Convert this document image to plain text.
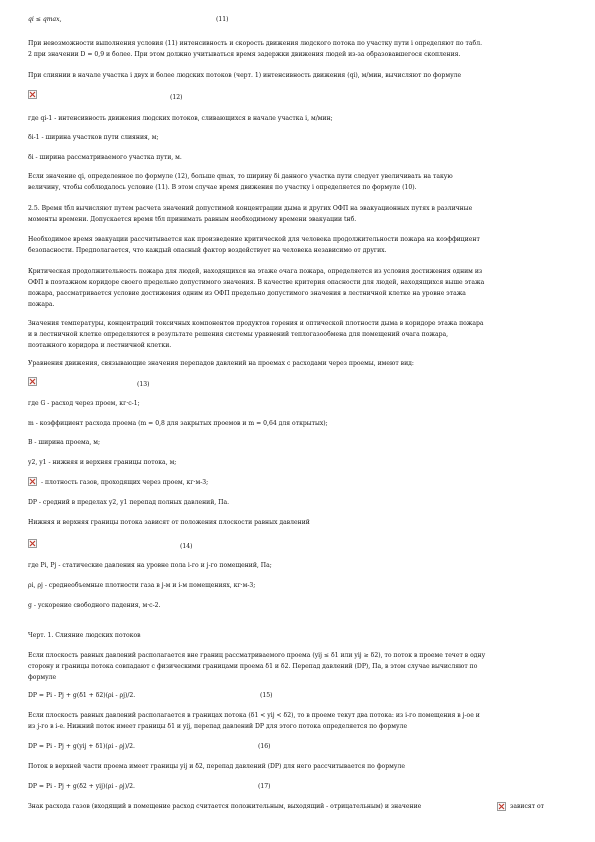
qі ≤ qmax,	(11)
При невозможности выполнения условия (11) интенсивность и скорость движения людского потока по участку пути i определяют по табл.
2 при значении D = 0,9 и более. При этом должно учитываться время задержки движения людей из-за образовавшегося скопления.
При слиянии в начале участка i двух и более людских потоков (черт. 1) интенсивность движения (qi), м/мин, вычисляют по формуле
(12)
где qi-1 - интенсивность движения людских потоков, сливающихся в начале участка i, м/мин;
δi-1 - ширина участков пути слияния, м;
δi - ширина рассматриваемого участка пути, м.
Если значение qi, определенное по формуле (12), больше qmax, то ширину δi данного участка пути следует увеличивать на такую
величину, чтобы соблюдалось условие (11). В этом случае время движения по участку i определяется по формуле (10).
2.5. Время tбл вычисляют путем расчета значений допустимой концентрации дыма и других ОФП на эвакуационных путях в различные
моменты времени. Допускается время tбл принимать равным необходимому времени эвакуации tнб.
Необходимое время эвакуации рассчитывается как произведение критической для человека продолжительности пожара на коэффициент
безопасности. Предполагается, что каждый опасный фактор воздействует на человека независимо от других.
Критическая продолжительность пожара для людей, находящихся на этаже очага пожара, определяется из условия достижения одним из
ОФП в поэтажном коридоре своего предельно допустимого значения. В качестве критерия опасности для людей, находящихся выше этажа
пожара, рассматривается условие достижения одним из ОФП предельно допустимого значения в лестничной клетке на уровне этажа
пожара.
Значения температуры, концентраций токсичных компонентов продуктов горения и оптической плотности дыма в коридоре этажа пожара
и в лестничной клетке определяются в результате решения системы уравнений теплогазообмена для помещений очага пожара,
поэтажного коридора и лестничной клетки.
Уравнения движения, связывающие значения перепадов давлений на проемах с расходами через проемы, имеют вид:
(13)
где G - расход через проем, кг·с-1;
m - коэффициент расхода проема (m = 0,8 для закрытых проемов и m = 0,64 для открытых);
B - ширина проема, м;
y2, y1 - нижняя и верхняя границы потока, м;
- плотность газов, проходящих через проем, кг·м-3;
DP - средний в пределах y2, y1 перепад полных давлений, Па.
Нижняя и верхняя границы потока зависят от положения плоскости равных давлений
(14)
где Pi, Pj - статические давления на уровне пола i-го и j-го помещений, Па;
ρi, ρj - среднеобъемные плотности газа в j-м и i-м помещениях, кг·м-3;
g - ускорение свободного падения, м·c-2.
Черт. 1. Слияние людских потоков
Если плоскость равных давлений располагается вне границ рассматриваемого проема (yij ≤ δ1 или yij ≥ δ2), то поток в проеме течет в одну
сторону и границы потока совпадают с физическими границами проема δ1 и δ2. Перепад давлений (DP), Па, в этом случае вычисляют по
формуле
DP = Pi - Pj + g(δ1 + δ2)(ρi - ρj)/2.	(15)
Если плоскость равных давлений располагается в границах потока (δ1 < yij < δ2), то в проеме текут два потока: из i-го помещения в j-ое и
из j-го в i-е. Нижний поток имеет границы δ1 и yij, перепад давлений DP для этого потока определяется по формуле
DP = Pi - Pj + g(yij + δ1)(ρi - ρj)/2.	(16)
Поток в верхней части проема имеет границы yij и δ2, перепад давлений (DP) для него рассчитывается по формуле
DP = Pi - Pj + g(δ2 + yij)(ρi - ρj)/2.	(17)
Знак расхода газов (входящий в помещение расход считается положительным, выходящий - отрицательным) и значение	зависят от
